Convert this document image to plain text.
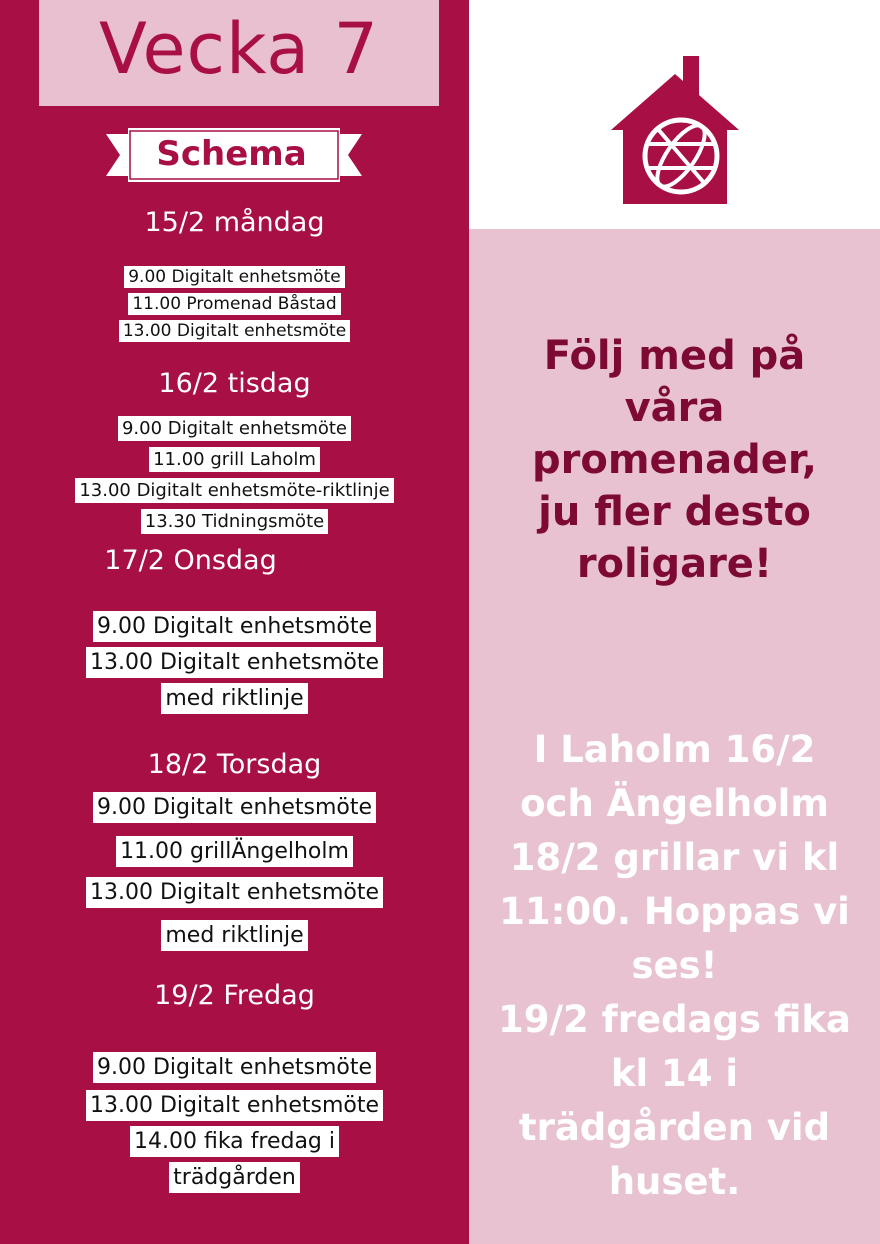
Vecka 7
Schema
15/2 måndag
9.00 Digitalt enhetsmöte
11.00 Promenad Båstad
13.00 Digitalt enhetsmöte
16/2 tisdag
9.00 Digitalt enhetsmöte
11.00 grill Laholm
13.00 Digitalt enhetsmöte-riktlinje
13.30 Tidningsmöte
17/2 Onsdag
9.00 Digitalt enhetsmöte
13.00 Digitalt enhetsmöte
med riktlinje
18/2 Torsdag
9.00 Digitalt enhetsmöte
11.00 grillÄngelholm
13.00 Digitalt enhetsmöte
med riktlinje
19/2 Fredag
9.00 Digitalt enhetsmöte
13.00 Digitalt enhetsmöte
14.00 fika fredag i
trädgården
Följ med på
våra
promenader,
ju fler desto
roligare!
I Laholm 16/2
och Ängelholm
18/2 grillar vi kl
11:00. Hoppas vi
ses!
19/2 fredags fika
kl 14 i
trädgården vid
huset.
